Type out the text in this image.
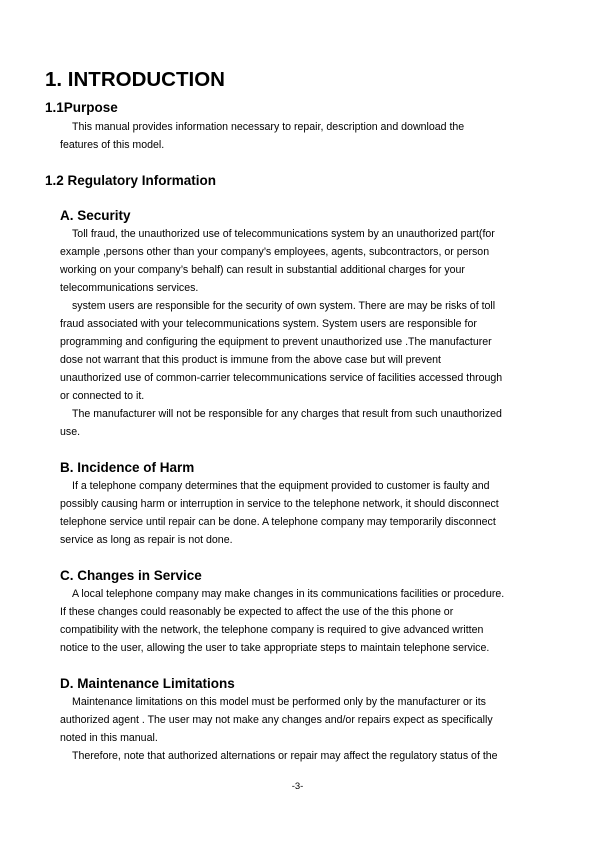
1. INTRODUCTION
1.1Purpose
This manual provides information necessary to repair, description and download the
features of this model.
1.2 Regulatory Information
A. Security
Toll fraud, the unauthorized use of telecommunications system by an unauthorized part(for
example ,persons other than your company’s employees, agents, subcontractors, or person
working on your company’s behalf) can result in substantial additional charges for your
telecommunications services.
system users are responsible for the security of own system. There are may be risks of toll
fraud associated with your telecommunications system. System users are responsible for
programming and configuring the equipment to prevent unauthorized use .The manufacturer
dose not warrant that this product is immune from the above case but will prevent
unauthorized use of common-carrier telecommunications service of facilities accessed through
or connected to it.
The manufacturer will not be responsible for any charges that result from such unauthorized
use.
B. Incidence of Harm
If a telephone company determines that the equipment provided to customer is faulty and
possibly causing harm or interruption in service to the telephone network, it should disconnect
telephone service until repair can be done. A telephone company may temporarily disconnect
service as long as repair is not done.
C. Changes in Service
A local telephone company may make changes in its communications facilities or procedure.
If these changes could reasonably be expected to affect the use of the this phone or
compatibility with the network, the telephone company is required to give advanced written
notice to the user, allowing the user to take appropriate steps to maintain telephone service.
D. Maintenance Limitations
Maintenance limitations on this model must be performed only by the manufacturer or its
authorized agent . The user may not make any changes and/or repairs expect as specifically
noted in this manual.
Therefore, note that authorized alternations or repair may affect the regulatory status of the
-3-
